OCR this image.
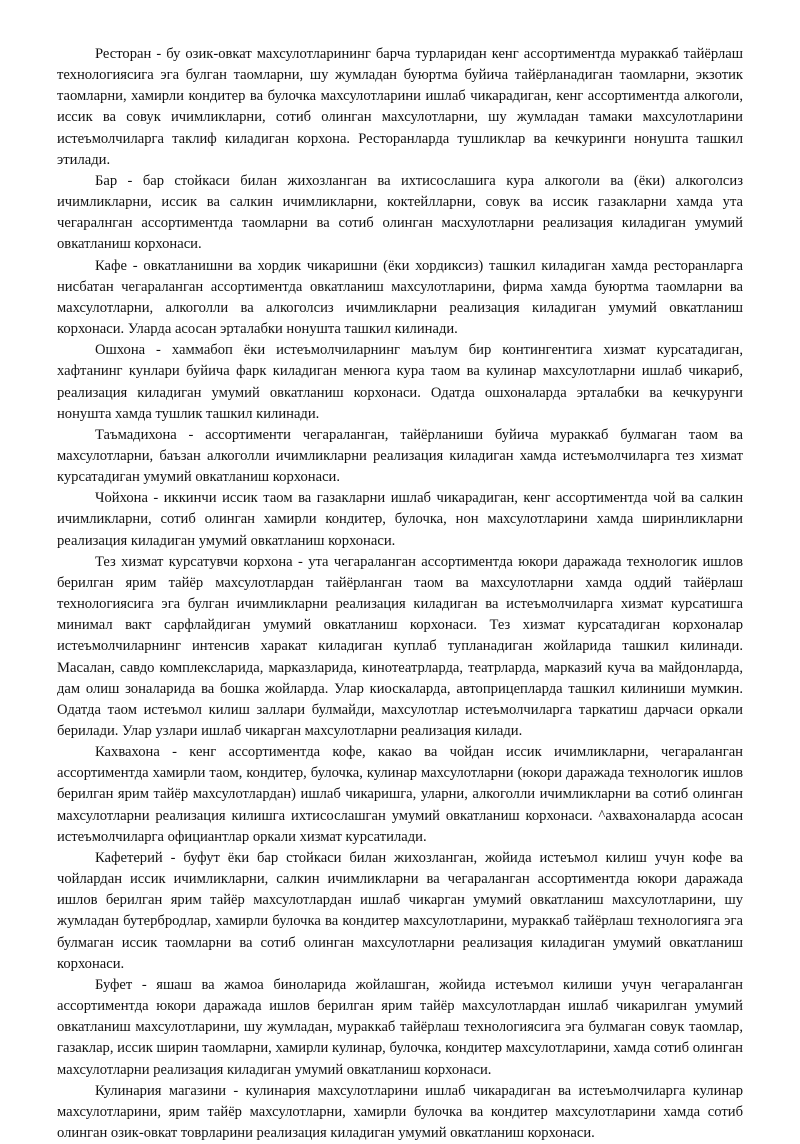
Ресторан - бу озик-овкат махсулотларининг барча турларидан кенг ассортиментда мураккаб тайёрлаш технологиясига эга булган таомларни, шу жумладан буюртма буйича тайёрланадиган таомларни, экзотик таомларни, хамирли кондитер ва булочка махсулотларини ишлаб чикарадиган, кенг ассортиментда алкоголи, иссик ва совук ичимликларни, сотиб олинган махсулотларни, шу жумладан тамаки махсулотларини истеъмолчиларга таклиф киладиган корхона. Ресторанларда тушликлар ва кечкуринги нонушта ташкил этилади.

Бар - бар стойкаси билан жихозланган ва ихтисослашига кура алкоголи ва (ёки) алкоголсиз ичимликларни, иссик ва салкин ичимликларни, коктейлларни, совук ва иссик газакларни хамда ута чегаралнган ассортиментда таомларни ва сотиб олинган масхулотларни реализация киладиган умумий овкатланиш корхонаси.

Кафе - овкатланишни ва хордик чикаришни (ёки хордиксиз) ташкил киладиган хамда ресторанларга нисбатан чегараланган ассортиментда овкатланиш махсулотларини, фирма хамда буюртма таомларни ва махсулотларни, алкоголли ва алкоголсиз ичимликларни реализация киладиган умумий овкатланиш корхонаси. Уларда асосан эрталабки нонушта ташкил килинади.

Ошхона - хаммабоп ёки истеъмолчиларнинг маълум бир контингентига хизмат курсатадиган, хафтанинг кунлари буйича фарк киладиган менюга кура таом ва кулинар махсулотларни ишлаб чикариб, реализация киладиган умумий овкатланиш корхонаси. Одатда ошхоналарда эрталабки ва кечкурунги нонушта хамда тушлик ташкил килинади.

Таъмадихона - ассортименти чегараланган, тайёрланиши буйича мураккаб булмаган таом ва махсулотларни, баъзан алкоголли ичимликларни реализация киладиган хамда истеъмолчиларга тез хизмат курсатадиган умумий овкатланиш корхонаси.

Чойхона - иккинчи иссик таом ва газакларни ишлаб чикарадиган, кенг ассортиментда чой ва салкин ичимликларни, сотиб олинган хамирли кондитер, булочка, нон махсулотларини хамда ширинликларни реализация киладиган умумий овкатланиш корхонаси.

Тез хизмат курсатувчи корхона - ута чегараланган ассортиментда юкори даражада технологик ишлов берилган ярим тайёр махсулотлардан тайёрланган таом ва махсулотларни хамда оддий тайёрлаш технологиясига эга булган ичимликларни реализация киладиган ва истеъмолчиларга хизмат курсатишга минимал вакт сарфлайдиган умумий овкатланиш корхонаси. Тез хизмат курсатадиган корхоналар истеъмолчиларнинг интенсив харакат киладиган куплаб тупланадиган жойларида ташкил килинади. Масалан, савдо комплексларида, марказларида, кинотеатрларда, театрларда, марказий куча ва майдонларда, дам олиш зоналарида ва бошка жойларда. Улар киоскаларда, автоприцепларда ташкил килиниши мумкин. Одатда таом истеъмол килиш заллари булмайди, махсулотлар истеъмолчиларга таркатиш дарчаси оркали берилади. Улар узлари ишлаб чикарган махсулотларни реализация килади.

Кахвахона - кенг ассортиментда кофе, какао ва чойдан иссик ичимликларни, чегараланган ассортиментда хамирли таом, кондитер, булочка, кулинар махсулотларни (юкори даражада технологик ишлов берилган ярим тайёр махсулотлардан) ишлаб чикаришга, уларни, алкоголли ичимликларни ва сотиб олинган махсулотларни реализация килишга ихтисослашган умумий овкатланиш корхонаси. ^ахвахоналарда асосан истеъмолчиларга официантлар оркали хизмат курсатилади.

Кафетерий - буфут ёки бар стойкаси билан жихозланган, жойида истеъмол килиш учун кофе ва чойлардан иссик ичимликларни, салкин ичимликларни ва чегараланган ассортиментда юкори даражада ишлов берилган ярим тайёр махсулотлардан ишлаб чикарган умумий овкатланиш махсулотларини, шу жумладан бутербродлар, хамирли булочка ва кондитер махсулотларини, мураккаб тайёрлаш технологияга эга булмаган иссик таомларни ва сотиб олинган махсулотларни реализация киладиган умумий овкатланиш корхонаси.

Буфет - яшаш ва жамоа биноларида жойлашган, жойида истеъмол килиши учун чегараланган ассортиментда юкори даражада ишлов берилган ярим тайёр махсулотлардан ишлаб чикарилган умумий овкатланиш махсулотларини, шу жумладан, мураккаб тайёрлаш технологиясига эга булмаган совук таомлар, газаклар, иссик ширин таомларни, хамирли кулинар, булочка, кондитер махсулотларини, хамда сотиб олинган махсулотларни реализация киладиган умумий овкатланиш корхонаси.

Кулинария магазини - кулинария махсулотларини ишлаб чикарадиган ва истеъмолчиларга кулинар махсулотларини, ярим тайёр махсулотларни, хамирли булочка ва кондитер махсулотларини хамда сотиб олинган озик-овкат товрларини реализация киладиган умумий овкатланиш корхонаси.
